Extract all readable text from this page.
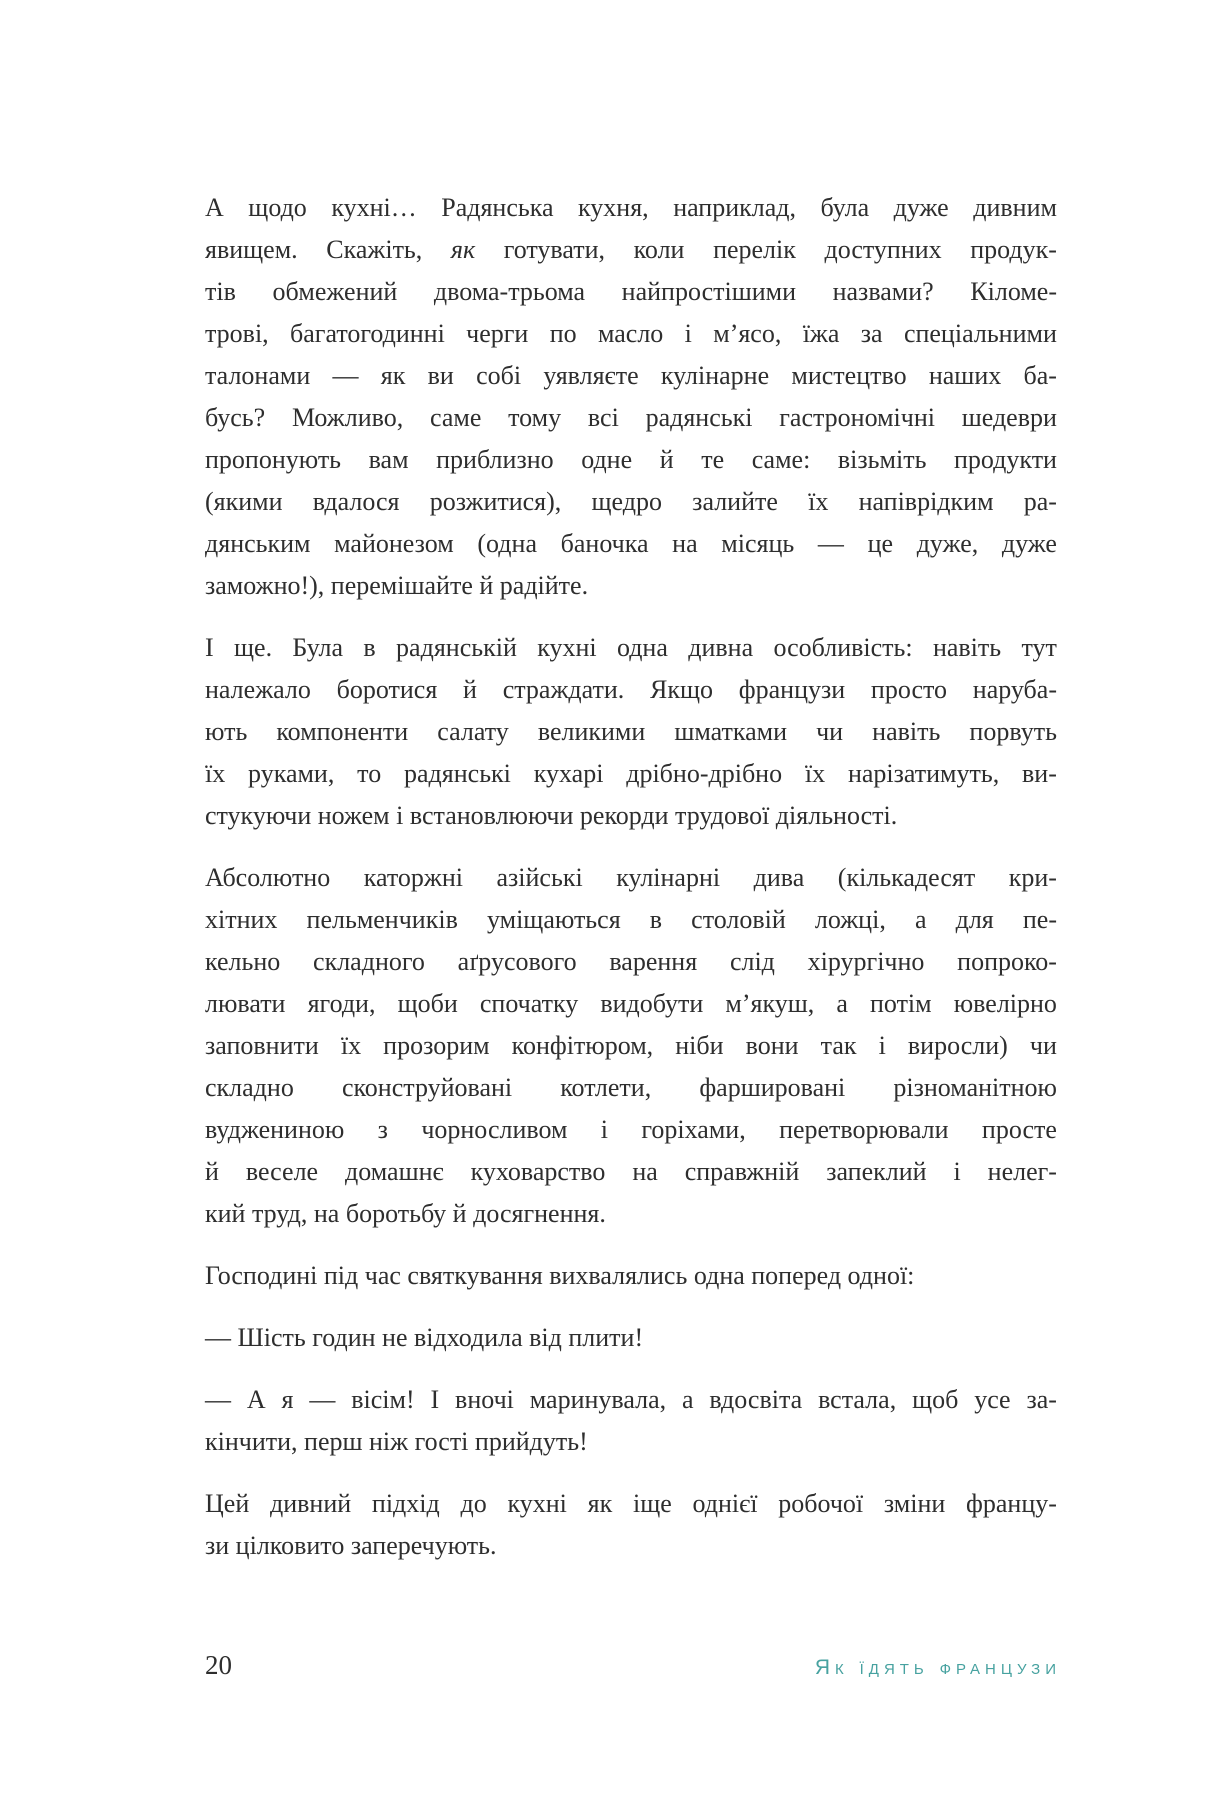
А щодо кухні… Радянська кухня, наприклад, була дуже дивним
явищем. Скажіть, як готувати, коли перелік доступних продук-
тів обмежений двома-трьома найпростішими назвами? Кіломе-
трові, багатогодинні черги по масло і м’ясо, їжа за спеціальними
талонами — як ви собі уявляєте кулінарне мистецтво наших ба-
бусь? Можливо, саме тому всі радянські гастрономічні шедеври
пропонують вам приблизно одне й те саме: візьміть продукти
(якими вдалося розжитися), щедро залийте їх напіврідким ра-
дянським майонезом (одна баночка на місяць — це дуже, дуже
заможно!), перемішайте й радійте.
І ще. Була в радянській кухні одна дивна особливість: навіть тут
належало боротися й страждати. Якщо французи просто наруба-
ють компоненти салату великими шматками чи навіть порвуть
їх руками, то радянські кухарі дрібно-дрібно їх нарізатимуть, ви-
стукуючи ножем і встановлюючи рекорди трудової діяльності.
Абсолютно каторжні азійські кулінарні дива (кількадесят кри-
хітних пельменчиків уміщаються в столовій ложці, а для пе-
кельно складного аґрусового варення слід хірургічно попроко-
лювати ягоди, щоби спочатку видобути м’якуш, а потім ювелірно
заповнити їх прозорим конфітюром, ніби вони так і виросли) чи
складно сконструйовані котлети, фаршировані різноманітною
вуджениною з чорносливом і горіхами, перетворювали просте
й веселе домашнє куховарство на справжній запеклий і нелег-
кий труд, на боротьбу й досягнення.
Господині під час святкування вихвалялись одна поперед одної:
— Шість годин не відходила від плити!
— А я — вісім! І вночі маринувала, а вдосвіта встала, щоб усе за-
кінчити, перш ніж гості прийдуть!
Цей дивний підхід до кухні як іще однієї робочої зміни францу-
зи цілковито заперечують.
20	Як їдять французи
